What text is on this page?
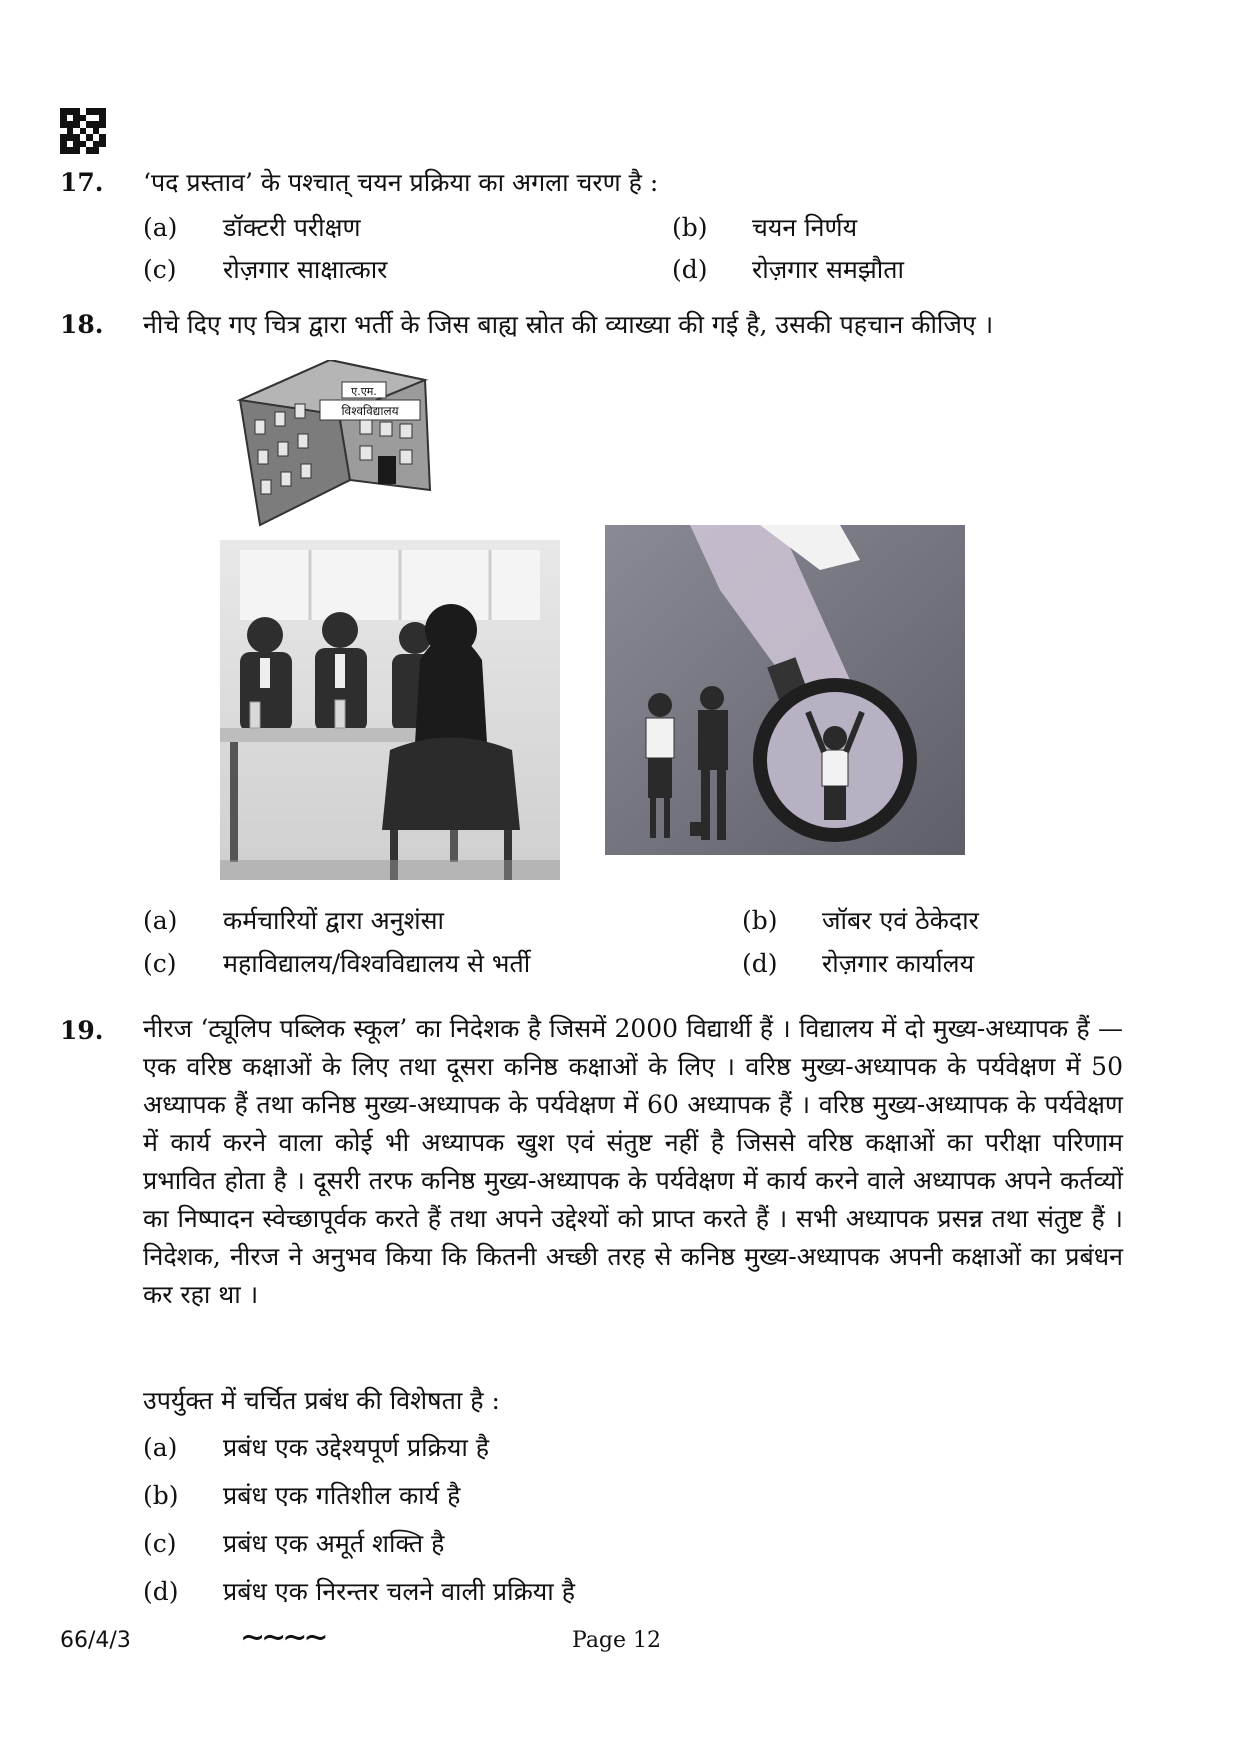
17. ‘पद प्रस्ताव’ के पश्चात् चयन प्रक्रिया का अगला चरण है :
(a) डॉक्टरी परीक्षण	(b) चयन निर्णय
(c) रोज़गार साक्षात्कार	(d) रोज़गार समझौता
18. नीचे दिए गए चित्र द्वारा भर्ती के जिस बाह्य स्रोत की व्याख्या की गई है, उसकी पहचान कीजिए ।
ए.एम.
विश्वविद्यालय
(a) कर्मचारियों द्वारा अनुशंसा	(b) जॉबर एवं ठेकेदार
(c) महाविद्यालय/विश्वविद्यालय से भर्ती	(d) रोज़गार कार्यालय
19. नीरज ‘ट्यूलिप पब्लिक स्कूल’ का निदेशक है जिसमें 2000 विद्यार्थी हैं । विद्यालय में दो मुख्य-अध्यापक हैं — एक वरिष्ठ कक्षाओं के लिए तथा दूसरा कनिष्ठ कक्षाओं के लिए । वरिष्ठ मुख्य-अध्यापक के पर्यवेक्षण में 50 अध्यापक हैं तथा कनिष्ठ मुख्य-अध्यापक के पर्यवेक्षण में 60 अध्यापक हैं । वरिष्ठ मुख्य-अध्यापक के पर्यवेक्षण में कार्य करने वाला कोई भी अध्यापक खुश एवं संतुष्ट नहीं है जिससे वरिष्ठ कक्षाओं का परीक्षा परिणाम प्रभावित होता है । दूसरी तरफ कनिष्ठ मुख्य-अध्यापक के पर्यवेक्षण में कार्य करने वाले अध्यापक अपने कर्तव्यों का निष्पादन स्वेच्छापूर्वक करते हैं तथा अपने उद्देश्यों को प्राप्त करते हैं । सभी अध्यापक प्रसन्न तथा संतुष्ट हैं । निदेशक, नीरज ने अनुभव किया कि कितनी अच्छी तरह से कनिष्ठ मुख्य-अध्यापक अपनी कक्षाओं का प्रबंधन कर रहा था ।
उपर्युक्त में चर्चित प्रबंध की विशेषता है :
(a) प्रबंध एक उद्देश्यपूर्ण प्रक्रिया है
(b) प्रबंध एक गतिशील कार्य है
(c) प्रबंध एक अमूर्त शक्ति है
(d) प्रबंध एक निरन्तर चलने वाली प्रक्रिया है
66/4/3	∼∼∼∼	Page 12
